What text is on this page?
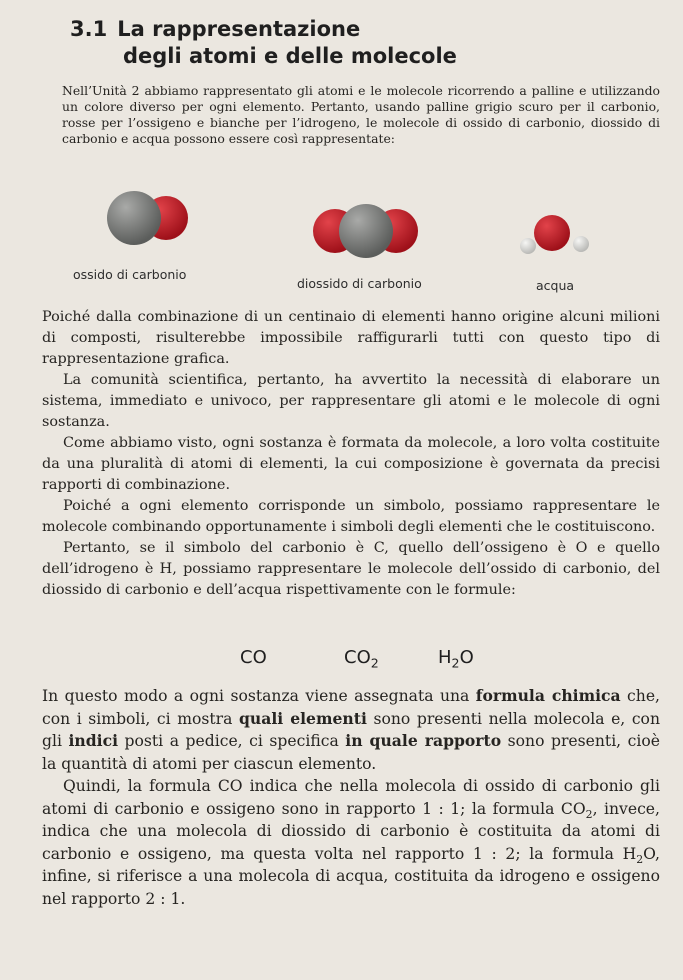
3.1 La rappresentazione
degli atomi e delle molecole
Nell’Unità 2 abbiamo rappresentato gli atomi e le molecole ricorrendo a palline e utilizzando un colore diverso per ogni elemento. Pertanto, usando palline grigio scuro per il carbonio, rosse per l’ossigeno e bianche per l’idrogeno, le molecole di ossido di carbonio, diossido di carbonio e acqua possono essere così rappresentate:
ossido di carbonio
diossido di carbonio	acqua

Poiché dalla combinazione di un centinaio di elementi hanno origine alcuni milioni di composti, risulterebbe impossibile raffigurarli tutti con questo tipo di rappresentazione grafica.

La comunità scientifica, pertanto, ha avvertito la necessità di elaborare un sistema, immediato e univoco, per rappresentare gli atomi e le molecole di ogni sostanza.

Come abbiamo visto, ogni sostanza è formata da molecole, a loro volta costituite da una pluralità di atomi di elementi, la cui composizione è governata da precisi rapporti di combinazione.

Poiché a ogni elemento corrisponde un simbolo, possiamo rappresentare le molecole combinando opportunamente i simboli degli elementi che le costituiscono.

Pertanto, se il simbolo del carbonio è C, quello dell’ossigeno è O e quello dell’idrogeno è H, possiamo rappresentare le molecole dell’ossido di carbonio, del diossido di carbonio e dell’acqua rispettivamente con le formule:

CO	$CO_2$	$H_2O$

In questo modo a ogni sostanza viene assegnata una formula chimica che, con i simboli, ci mostra quali elementi sono presenti nella molecola e, con gli indici posti a pedice, ci specifica in quale rapporto sono presenti, cioè la quantità di atomi per ciascun elemento.

Quindi, la formula CO indica che nella molecola di ossido di carbonio gli atomi di carbonio e ossigeno sono in rapporto 1 : 1; la formula $CO_2$, invece, indica che una molecola di diossido di carbonio è costituita da atomi di carbonio e ossigeno, ma questa volta nel rapporto 1 : 2; la formula $H_2O$, infine, si riferisce a una molecola di acqua, costituita da idrogeno e ossigeno nel rapporto 2 : 1.
